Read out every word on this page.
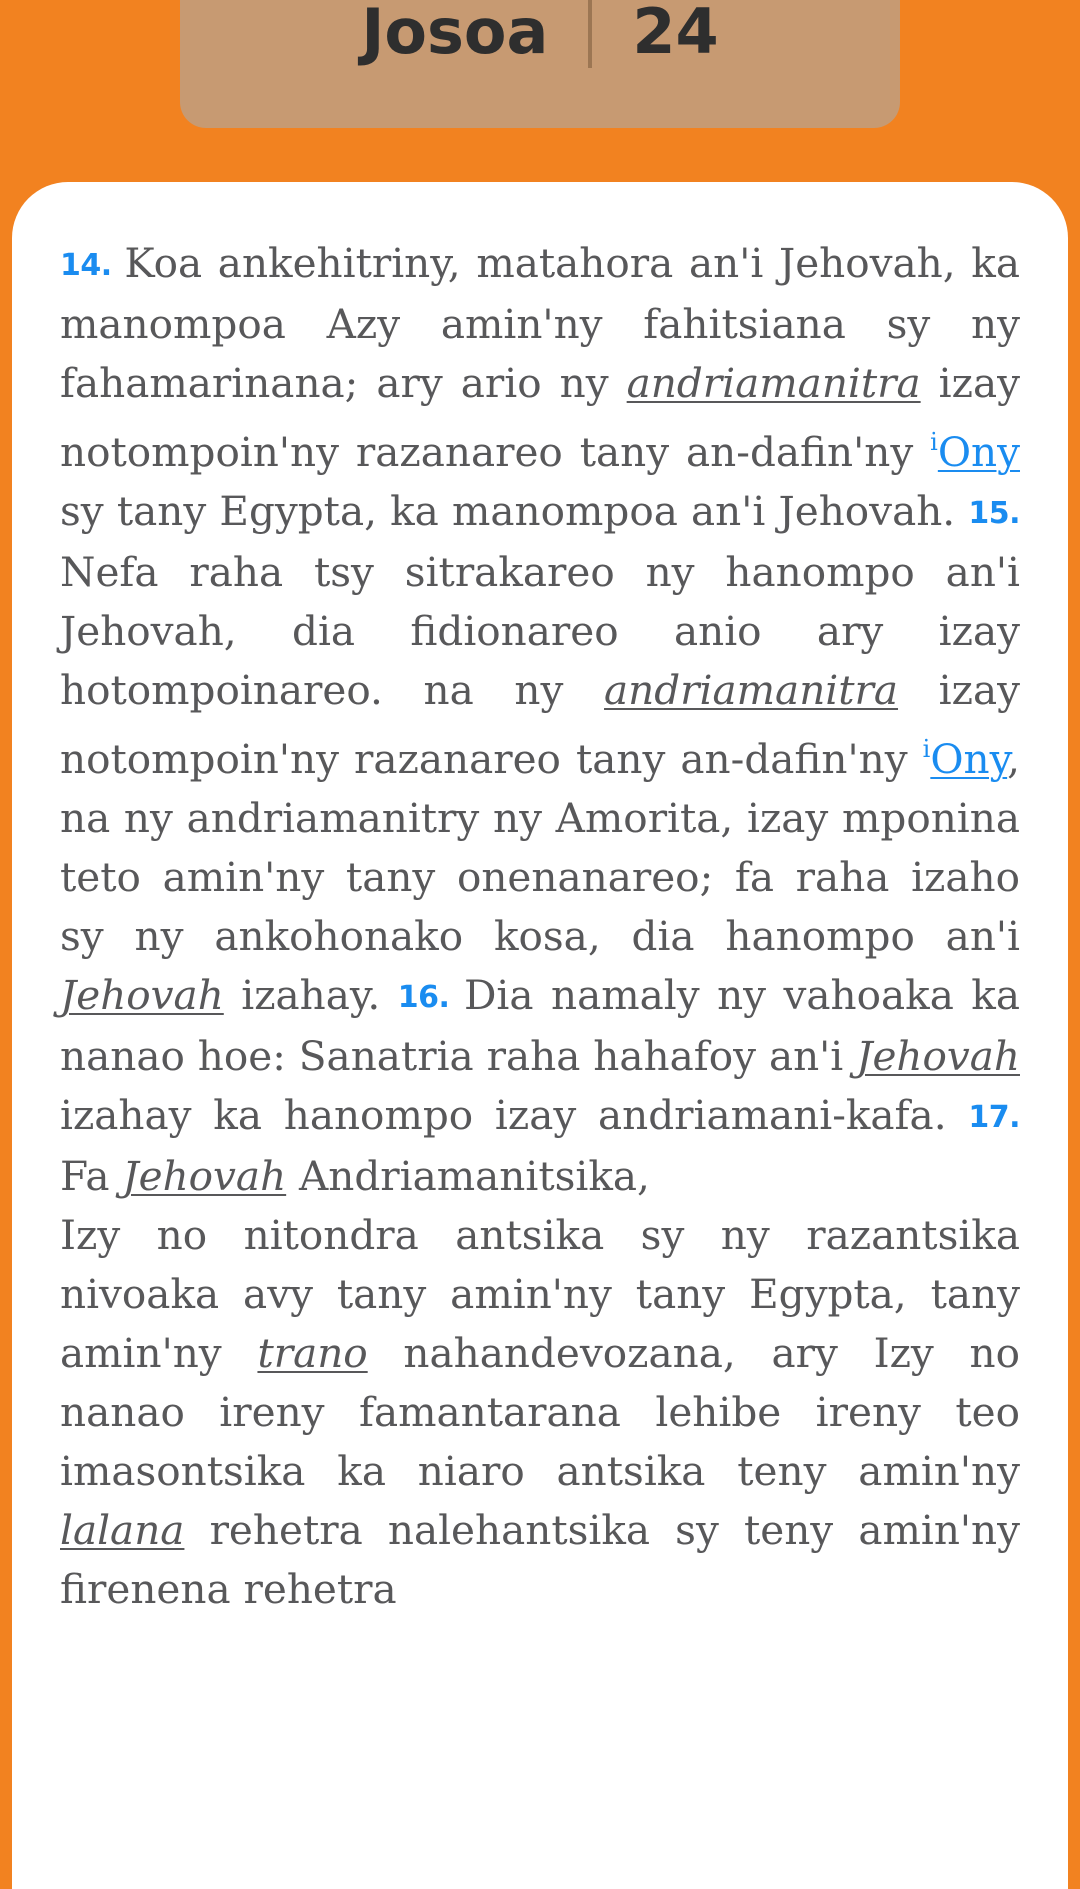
Josoa	24
14. Koa ankehitriny, matahora an'i Jehovah, ka manompoa Azy amin'ny fahitsiana sy ny fahamarinana; ary ario ny andriamanitra izay notompoin'ny razanareo tany an-dafin'ny $^i$Ony sy tany Egypta, ka manompoa an'i Jehovah. 15. Nefa raha tsy sitrakareo ny hanompo an'i Jehovah, dia fidionareo anio ary izay hotompoinareo. na ny andriamanitra izay notompoin'ny razanareo tany an-dafin'ny $^i$Ony, na ny andriamanitry ny Amorita, izay mponina teto amin'ny tany onenanareo; fa raha izaho sy ny ankohonako kosa, dia hanompo an'i Jehovah izahay. 16. Dia namaly ny vahoaka ka nanao hoe: Sanatria raha hahafoy an'i Jehovah izahay ka hanompo izay andriamani-kafa. 17. Fa Jehovah Andriamanitsika,
Izy no nitondra antsika sy ny razantsika nivoaka avy tany amin'ny tany Egypta, tany amin'ny trano nahandevozana, ary Izy no nanao ireny famantarana lehibe ireny teo imasontsika ka niaro antsika teny amin'ny lalana rehetra nalehantsika sy teny amin'ny firenena rehetra
